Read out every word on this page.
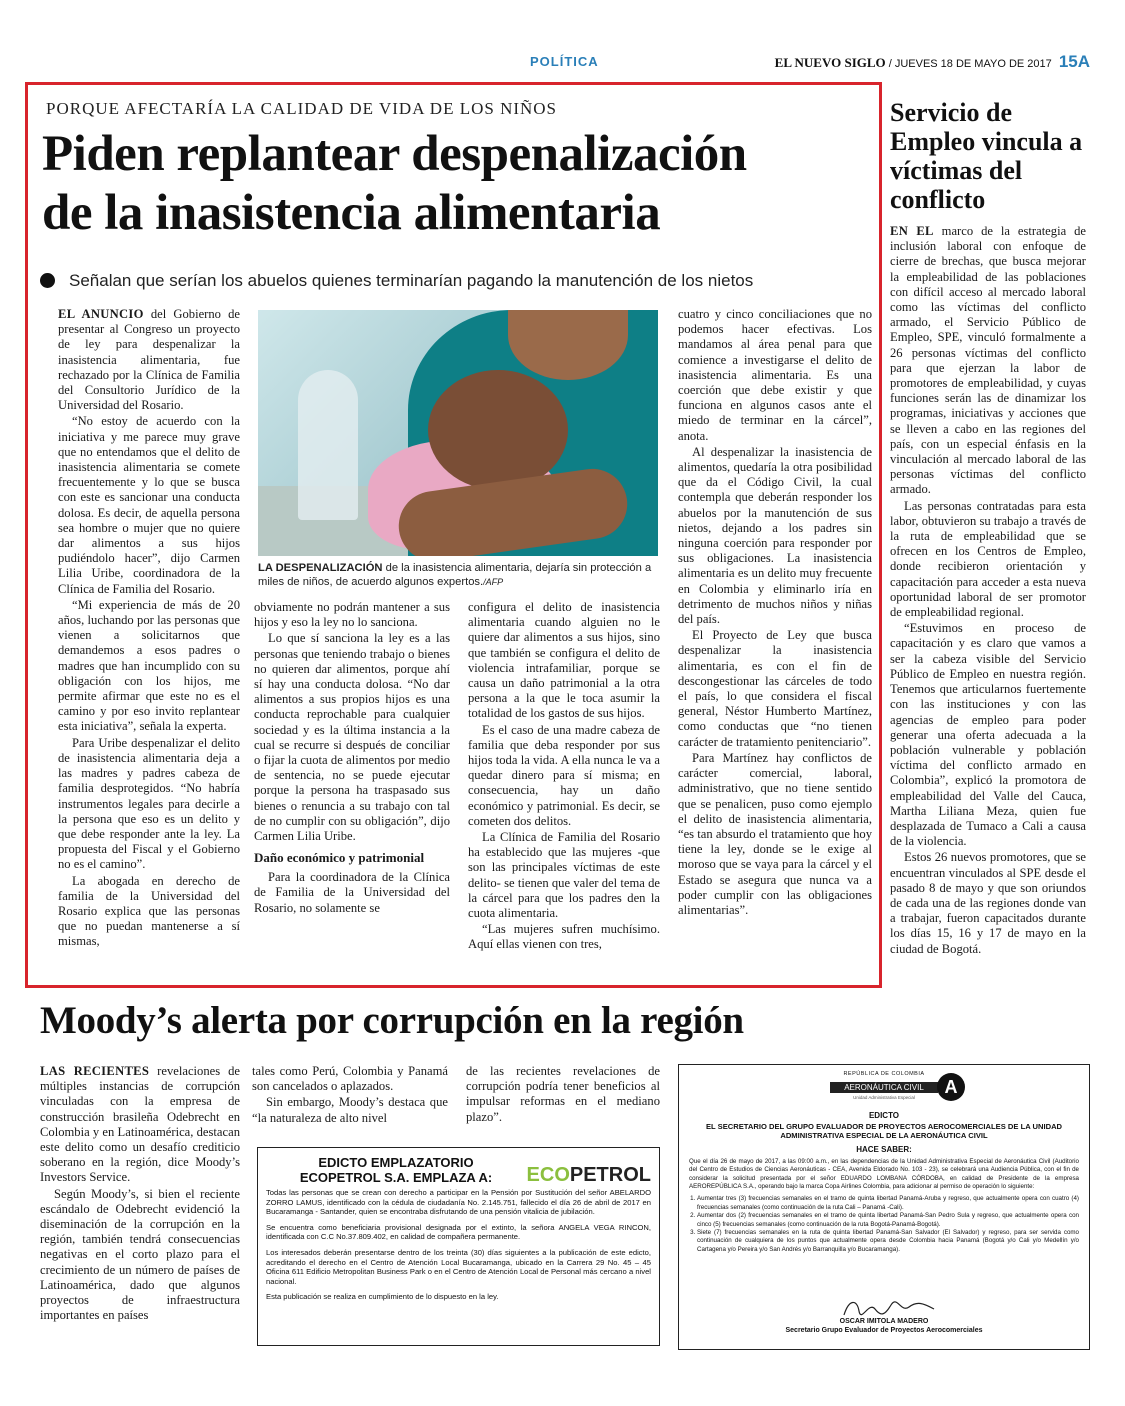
POLÍTICA	EL NUEVO SIGLO / JUEVES 18 DE MAYO DE 2017 15A
PORQUE AFECTARÍA LA CALIDAD DE VIDA DE LOS NIÑOS
Piden replantear despenalización
de la inasistencia alimentaria
Señalan que serían los abuelos quienes terminarían pagando la manutención de los nietos

EL ANUNCIO del Gobierno de presentar al Congreso un proyecto de ley para despenalizar la inasistencia alimentaria, fue rechazado por la Clínica de Familia del Consultorio Jurídico de la Universidad del Rosario.

“No estoy de acuerdo con la iniciativa y me parece muy grave que no entendamos que el delito de inasistencia alimentaria se comete frecuentemente y lo que se busca con este es sancionar una conducta dolosa. Es decir, de aquella persona sea hombre o mujer que no quiere dar alimentos a sus hijos pudiéndolo hacer”, dijo Carmen Lilia Uribe, coordinadora de la Clínica de Familia del Rosario.

“Mi experiencia de más de 20 años, luchando por las personas que vienen a solicitarnos que demandemos a esos padres o madres que han incumplido con su obligación con los hijos, me permite afirmar que este no es el camino y por eso invito replantear esta iniciativa”, señala la experta.

Para Uribe despenalizar el delito de inasistencia alimentaria deja a las madres y padres cabeza de familia desprotegidos. “No habría instrumentos legales para decirle a la persona que eso es un delito y que debe responder ante la ley. La propuesta del Fiscal y el Gobierno no es el camino”.

La abogada en derecho de familia de la Universidad del Rosario explica que las personas que no puedan mantenerse a sí mismas,

LA DESPENALIZACIÓN de la inasistencia alimentaria, dejaría sin protección a miles de niños, de acuerdo algunos expertos./AFP

obviamente no podrán mantener a sus hijos y eso la ley no lo sanciona.

Lo que sí sanciona la ley es a las personas que teniendo trabajo o bienes no quieren dar alimentos, porque ahí sí hay una conducta dolosa. “No dar alimentos a sus propios hijos es una conducta reprochable para cualquier sociedad y es la última instancia a la cual se recurre si después de conciliar o fijar la cuota de alimentos por medio de sentencia, no se puede ejecutar porque la persona ha traspasado sus bienes o renuncia a su trabajo con tal de no cumplir con su obligación”, dijo Carmen Lilia Uribe.

Daño económico y patrimonial

Para la coordinadora de la Clínica de Familia de la Universidad del Rosario, no solamente se

configura el delito de inasistencia alimentaria cuando alguien no le quiere dar alimentos a sus hijos, sino que también se configura el delito de violencia intrafamiliar, porque se causa un daño patrimonial a la otra persona a la que le toca asumir la totalidad de los gastos de sus hijos.

Es el caso de una madre cabeza de familia que deba responder por sus hijos toda la vida. A ella nunca le va a quedar dinero para sí misma; en consecuencia, hay un daño económico y patrimonial. Es decir, se cometen dos delitos.

La Clínica de Familia del Rosario ha establecido que las mujeres -que son las principales víctimas de este delito- se tienen que valer del tema de la cárcel para que los padres den la cuota alimentaria.

“Las mujeres sufren muchísimo. Aquí ellas vienen con tres,

cuatro y cinco conciliaciones que no podemos hacer efectivas. Los mandamos al área penal para que comience a investigarse el delito de inasistencia alimentaria. Es una coerción que debe existir y que funciona en algunos casos ante el miedo de terminar en la cárcel”, anota.

Al despenalizar la inasistencia de alimentos, quedaría la otra posibilidad que da el Código Civil, la cual contempla que deberán responder los abuelos por la manutención de sus nietos, dejando a los padres sin ninguna coerción para responder por sus obligaciones. La inasistencia alimentaria es un delito muy frecuente en Colombia y eliminarlo iría en detrimento de muchos niños y niñas del país.

El Proyecto de Ley que busca despenalizar la inasistencia alimentaria, es con el fin de descongestionar las cárceles de todo el país, lo que considera el fiscal general, Néstor Humberto Martínez, como conductas que “no tienen carácter de tratamiento penitenciario”.

Para Martínez hay conflictos de carácter comercial, laboral, administrativo, que no tiene sentido que se penalicen, puso como ejemplo el delito de inasistencia alimentaria, “es tan absurdo el tratamiento que hoy tiene la ley, donde se le exige al moroso que se vaya para la cárcel y el Estado se asegura que nunca va a poder cumplir con las obligaciones alimentarias”.

Servicio de Empleo vincula a víctimas del conflicto

EN EL marco de la estrategia de inclusión laboral con enfoque de cierre de brechas, que busca mejorar la empleabilidad de las poblaciones con difícil acceso al mercado laboral como las víctimas del conflicto armado, el Servicio Público de Empleo, SPE, vinculó formalmente a 26 personas víctimas del conflicto para que ejerzan la labor de promotores de empleabilidad, y cuyas funciones serán las de dinamizar los programas, iniciativas y acciones que se lleven a cabo en las regiones del país, con un especial énfasis en la vinculación al mercado laboral de las personas víctimas del conflicto armado.

Las personas contratadas para esta labor, obtuvieron su trabajo a través de la ruta de empleabilidad que se ofrecen en los Centros de Empleo, donde recibieron orientación y capacitación para acceder a esta nueva oportunidad laboral de ser promotor de empleabilidad regional.

“Estuvimos en proceso de capacitación y es claro que vamos a ser la cabeza visible del Servicio Público de Empleo en nuestra región. Tenemos que articularnos fuertemente con las instituciones y con las agencias de empleo para poder generar una oferta adecuada a la población vulnerable y población víctima del conflicto armado en Colombia”, explicó la promotora de empleabilidad del Valle del Cauca, Martha Liliana Meza, quien fue desplazada de Tumaco a Cali a causa de la violencia.

Estos 26 nuevos promotores, que se encuentran vinculados al SPE desde el pasado 8 de mayo y que son oriundos de cada una de las regiones donde van a trabajar, fueron capacitados durante los días 15, 16 y 17 de mayo en la ciudad de Bogotá.

Moody’s alerta por corrupción en la región

LAS RECIENTES revelaciones de múltiples instancias de corrupción vinculadas con la empresa de construcción brasileña Odebrecht en Colombia y en Latinoamérica, destacan este delito como un desafío crediticio soberano en la región, dice Moody’s Investors Service.

Según Moody’s, si bien el reciente escándalo de Odebrecht evidenció la diseminación de la corrupción en la región, también tendrá consecuencias negativas en el corto plazo para el crecimiento de un número de países de Latinoamérica, dado que algunos proyectos de infraestructura importantes en países

tales como Perú, Colombia y Panamá son cancelados o aplazados.

Sin embargo, Moody’s destaca que “la naturaleza de alto nivel

de las recientes revelaciones de corrupción podría tener beneficios al impulsar reformas en el mediano plazo”.

EDICTO EMPLAZATORIO
ECOPETROL S.A. EMPLAZA A:	ECOPETROL

Todas las personas que se crean con derecho a participar en la Pensión por Sustitución del señor ABELARDO ZORRO LAMUS, identificado con la cédula de ciudadanía No. 2.145.751, fallecido el día 26 de abril de 2017 en Bucaramanga - Santander, quien se encontraba disfrutando de una pensión vitalicia de jubilación.

Se encuentra como beneficiaria provisional designada por el extinto, la señora ANGELA VEGA RINCON, identificada con C.C No.37.809.402, en calidad de compañera permanente.

Los interesados deberán presentarse dentro de los treinta (30) días siguientes a la publicación de este edicto, acreditando el derecho en el Centro de Atención Local Bucaramanga, ubicado en la Carrera 29 No. 45 – 45 Oficina 611 Edificio Metropolitan Business Park o en el Centro de Atención Local de Personal más cercano a nivel nacional.

Esta publicación se realiza en cumplimiento de lo dispuesto en la ley.

REPÚBLICA DE COLOMBIA
AERONÁUTICA CIVIL
Unidad Administrativa Especial
A
EDICTO
EL SECRETARIO DEL GRUPO EVALUADOR DE PROYECTOS AEROCOMERCIALES DE LA UNIDAD ADMINISTRATIVA ESPECIAL DE LA AERONÁUTICA CIVIL
HACE SABER:

Que el día 26 de mayo de 2017, a las 09:00 a.m., en las dependencias de la Unidad Administrativa Especial de Aeronáutica Civil (Auditorio del Centro de Estudios de Ciencias Aeronáuticas - CEA, Avenida Eldorado No. 103 - 23), se celebrará una Audiencia Pública, con el fin de considerar la solicitud presentada por el señor EDUARDO LOMBANA CÓRDOBA, en calidad de Presidente de la empresa AEROREPÚBLICA S.A., operando bajo la marca Copa Airlines Colombia, para adicionar al permiso de operación lo siguiente:

1. Aumentar tres (3) frecuencias semanales en el tramo de quinta libertad Panamá-Aruba y regreso, que actualmente opera con cuatro (4) frecuencias semanales (como continuación de la ruta Cali – Panamá -Cali).
2. Aumentar dos (2) frecuencias semanales en el tramo de quinta libertad Panamá-San Pedro Sula y regreso, que actualmente opera con cinco (5) frecuencias semanales (como continuación de la ruta Bogotá-Panamá-Bogotá).
3. Siete (7) frecuencias semanales en la ruta de quinta libertad Panamá-San Salvador (El Salvador) y regreso, para ser servida como continuación de cualquiera de los puntos que actualmente opera desde Colombia hacia Panamá (Bogotá y/o Cali y/o Medellín y/o Cartagena y/o Pereira y/o San Andrés y/o Barranquilla y/o Bucaramanga).
OSCAR IMITOLA MADERO
Secretario Grupo Evaluador de Proyectos Aerocomerciales
